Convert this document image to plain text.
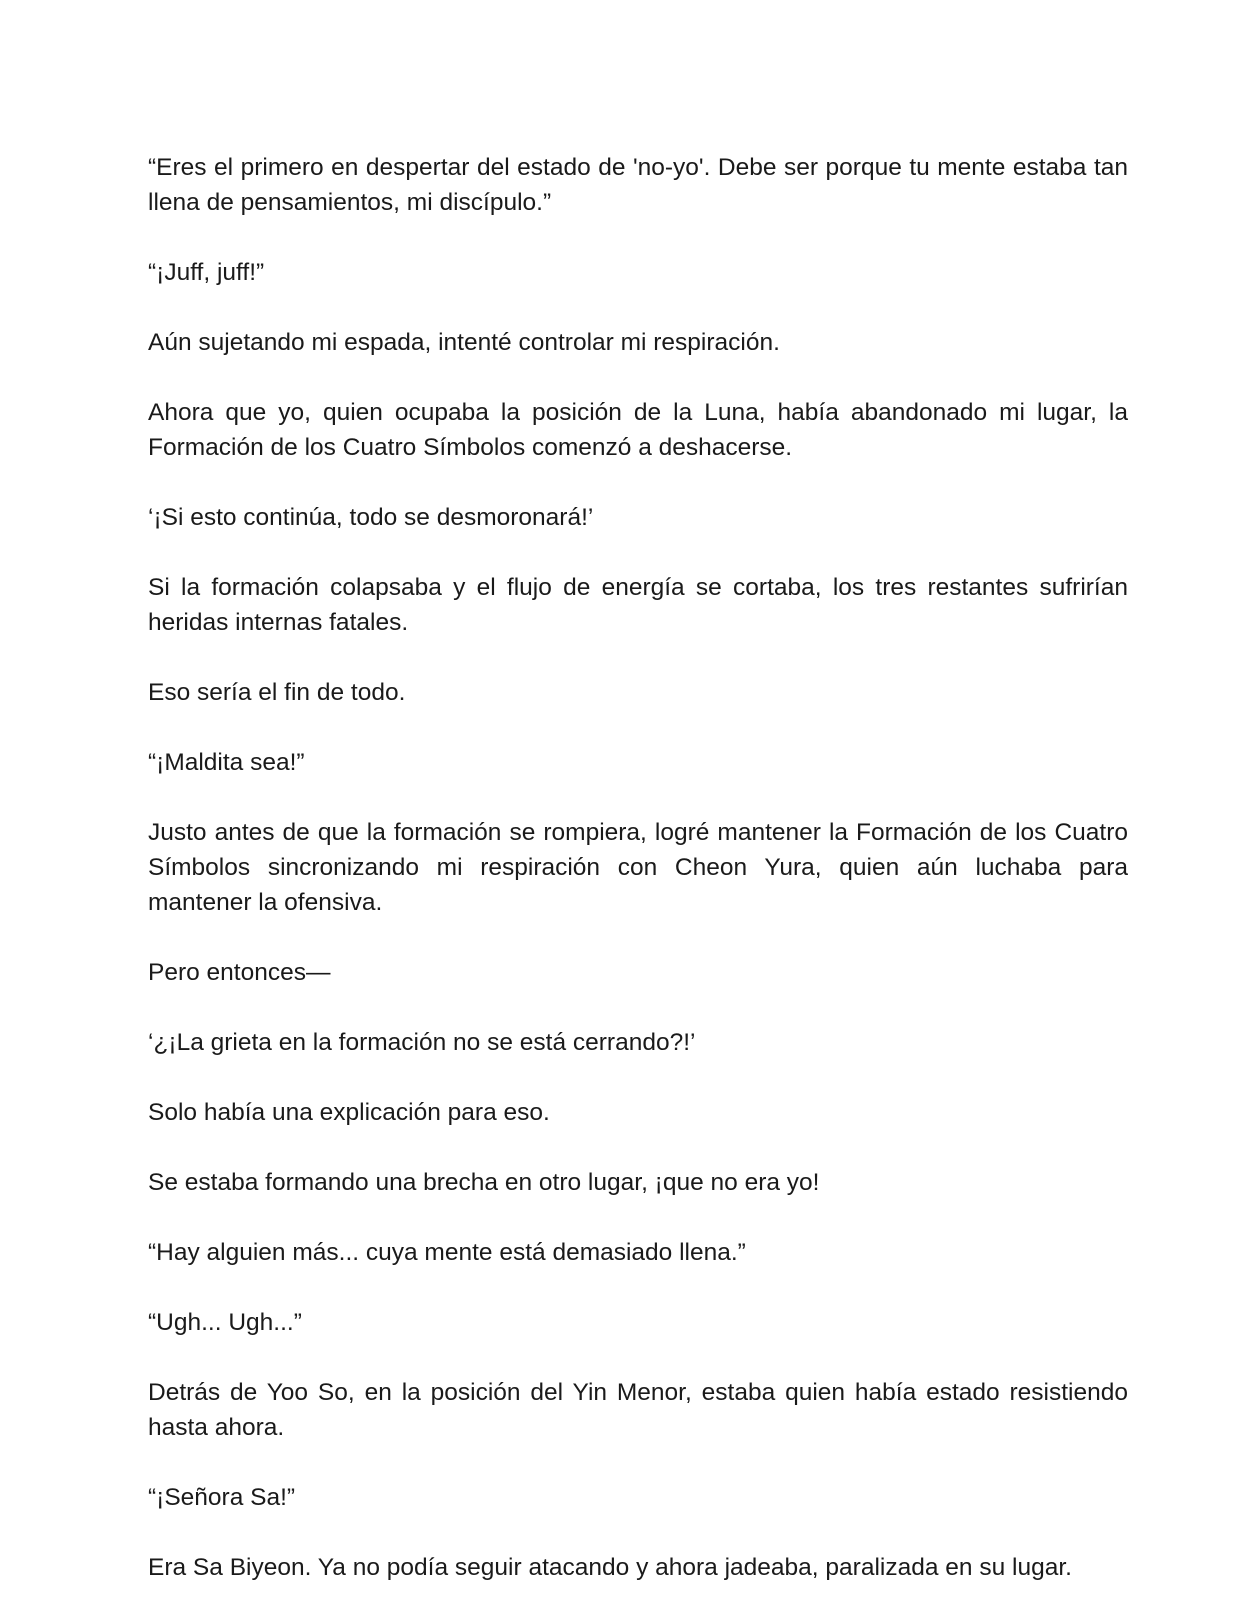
“Eres el primero en despertar del estado de 'no-yo'. Debe ser porque tu mente estaba tan llena de pensamientos, mi discípulo.”

“¡Juff, juff!”

Aún sujetando mi espada, intenté controlar mi respiración.

Ahora que yo, quien ocupaba la posición de la Luna, había abandonado mi lugar, la Formación de los Cuatro Símbolos comenzó a deshacerse.

‘¡Si esto continúa, todo se desmoronará!’

Si la formación colapsaba y el flujo de energía se cortaba, los tres restantes sufrirían heridas internas fatales.

Eso sería el fin de todo.

“¡Maldita sea!”

Justo antes de que la formación se rompiera, logré mantener la Formación de los Cuatro Símbolos sincronizando mi respiración con Cheon Yura, quien aún luchaba para mantener la ofensiva.

Pero entonces—

‘¿¡La grieta en la formación no se está cerrando?!’

Solo había una explicación para eso.

Se estaba formando una brecha en otro lugar, ¡que no era yo!

“Hay alguien más... cuya mente está demasiado llena.”

“Ugh... Ugh...”

Detrás de Yoo So, en la posición del Yin Menor, estaba quien había estado resistiendo hasta ahora.

“¡Señora Sa!”

Era Sa Biyeon. Ya no podía seguir atacando y ahora jadeaba, paralizada en su lugar.
